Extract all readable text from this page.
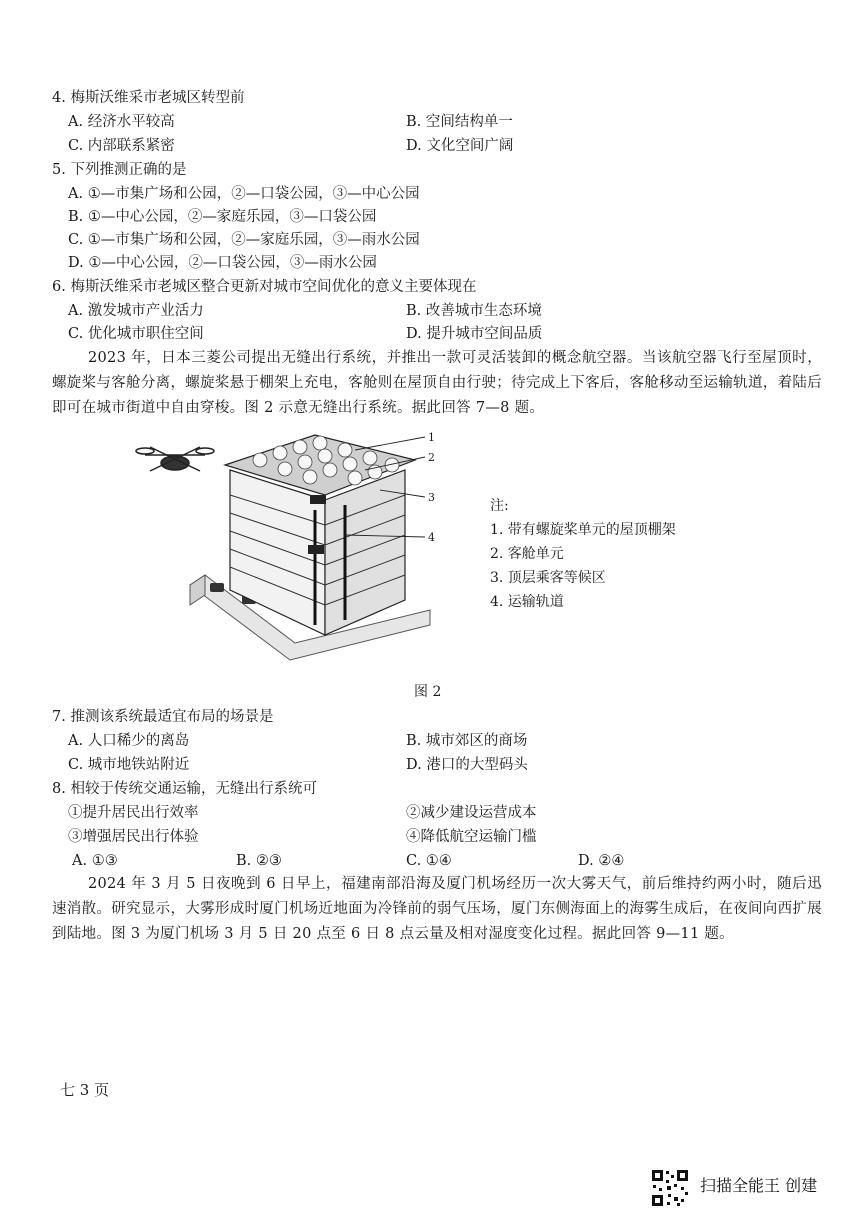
4. 梅斯沃维采市老城区转型前
A. 经济水平较高	B. 空间结构单一
C. 内部联系紧密	D. 文化空间广阔
5. 下列推测正确的是
A. ①—市集广场和公园，②—口袋公园，③—中心公园
B. ①—中心公园，②—家庭乐园，③—口袋公园
C. ①—市集广场和公园，②—家庭乐园，③—雨水公园
D. ①—中心公园，②—口袋公园，③—雨水公园
6. 梅斯沃维采市老城区整合更新对城市空间优化的意义主要体现在
A. 激发城市产业活力	B. 改善城市生态环境
C. 优化城市职住空间	D. 提升城市空间品质
2023 年，日本三菱公司提出无缝出行系统，并推出一款可灵活装卸的概念航空器。当该航空器飞行至屋顶时，螺旋桨与客舱分离，螺旋桨悬于棚架上充电，客舱则在屋顶自由行驶；待完成上下客后，客舱移动至运输轨道，着陆后即可在城市街道中自由穿梭。图 2 示意无缝出行系统。据此回答 7—8 题。
1
2
3
4
注:
1. 带有螺旋桨单元的屋顶棚架
2. 客舱单元
3. 顶层乘客等候区
4. 运输轨道
图 2
7. 推测该系统最适宜布局的场景是
A. 人口稀少的离岛	B. 城市郊区的商场
C. 城市地铁站附近	D. 港口的大型码头
8. 相较于传统交通运输，无缝出行系统可
①提升居民出行效率	②减少建设运营成本
③增强居民出行体验	④降低航空运输门槛
A. ①③	B. ②③	C. ①④	D. ②④
2024 年 3 月 5 日夜晚到 6 日早上，福建南部沿海及厦门机场经历一次大雾天气，前后维持约两小时，随后迅速消散。研究显示，大雾形成时厦门机场近地面为冷锋前的弱气压场，厦门东侧海面上的海雾生成后，在夜间向西扩展到陆地。图 3 为厦门机场 3 月 5 日 20 点至 6 日 8 点云量及相对湿度变化过程。据此回答 9—11 题。
七 3 页
扫描全能王 创建
